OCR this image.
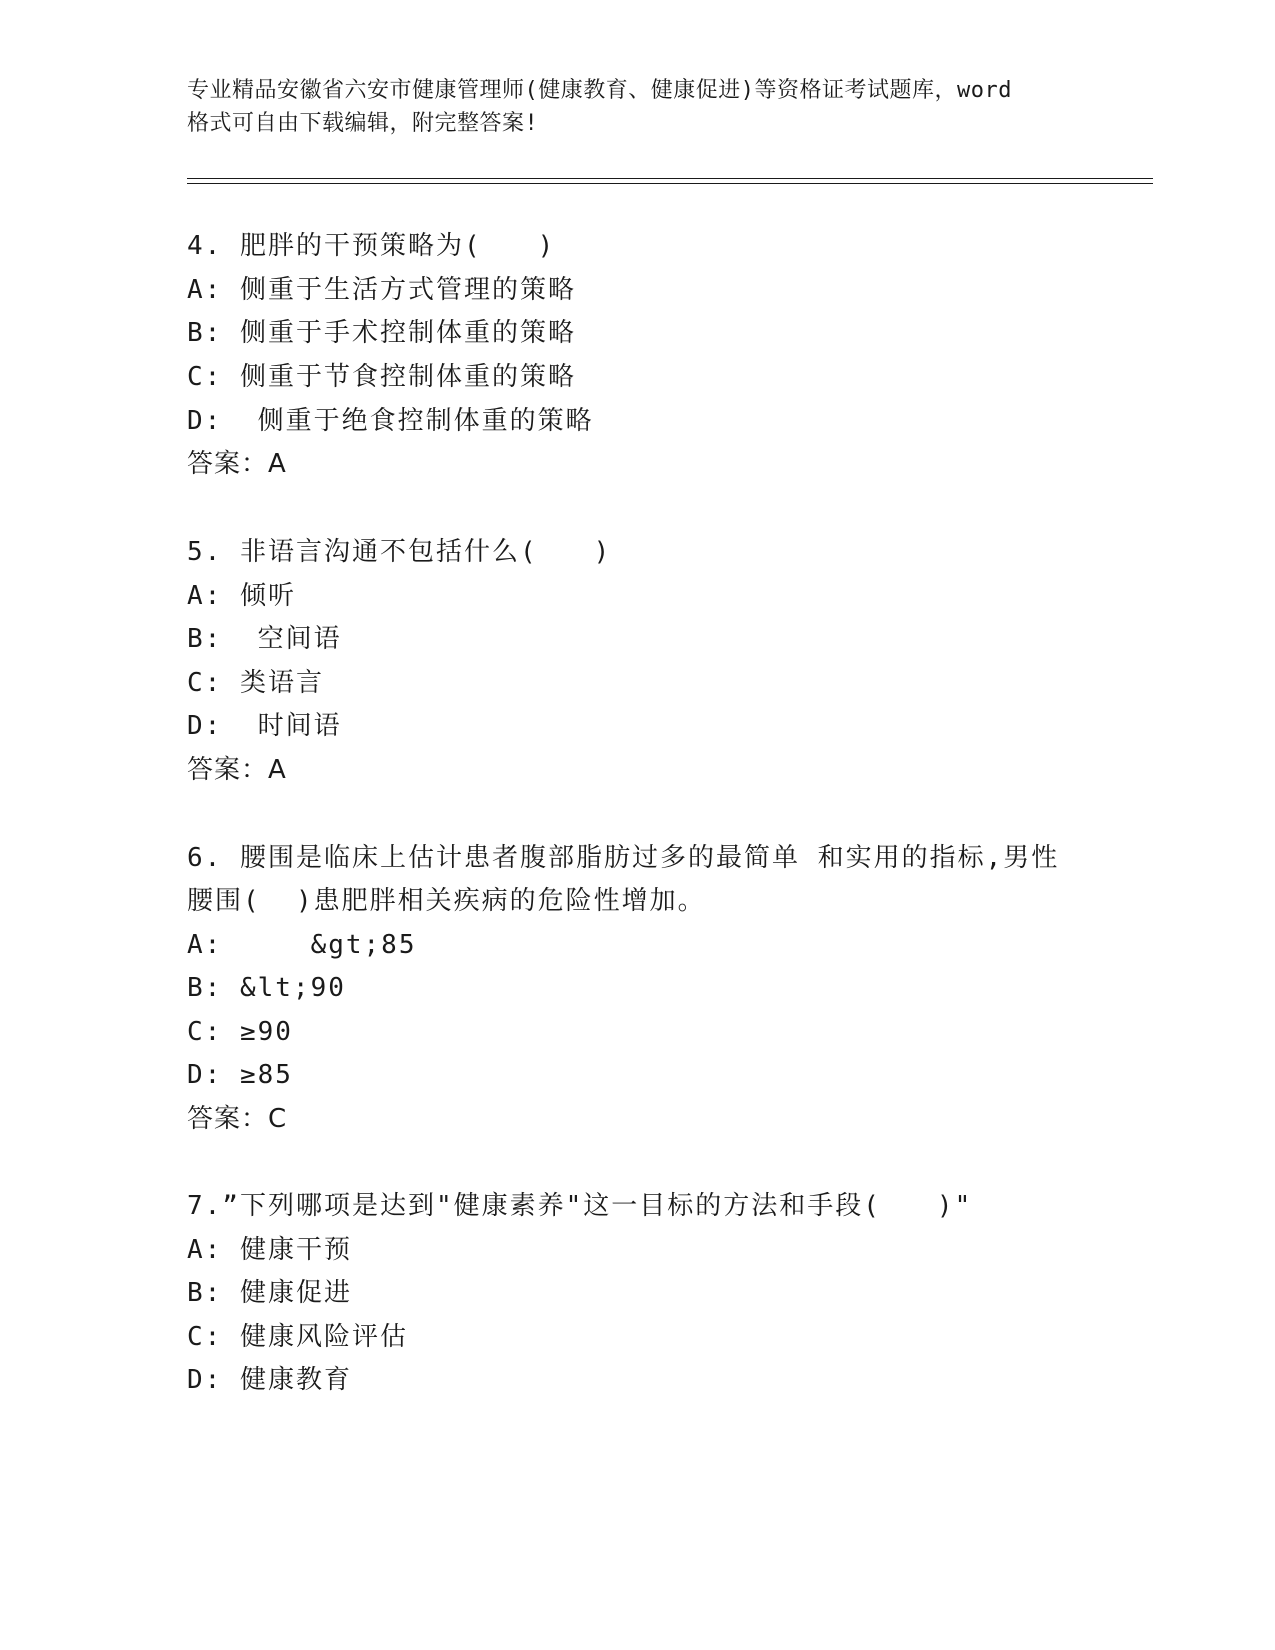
专业精品安徽省六安市健康管理师(健康教育、健康促进)等资格证考试题库，word
格式可自由下载编辑，附完整答案!
4. 肥胖的干预策略为(　　)
A: 侧重于生活方式管理的策略
B: 侧重于手术控制体重的策略
C: 侧重于节食控制体重的策略
D:  侧重于绝食控制体重的策略
答案：A
5. 非语言沟通不包括什么(　　)
A: 倾听
B:  空间语
C: 类语言
D:  时间语
答案：A
6. 腰围是临床上估计患者腹部脂肪过多的最简单 和实用的指标,男性
腰围(  )患肥胖相关疾病的危险性增加。
A:     &gt;85
B: &lt;90
C: ≥90
D: ≥85
答案：C
7.”下列哪项是达到"健康素养"这一目标的方法和手段(　　)"
A: 健康干预
B: 健康促进
C: 健康风险评估
D: 健康教育
